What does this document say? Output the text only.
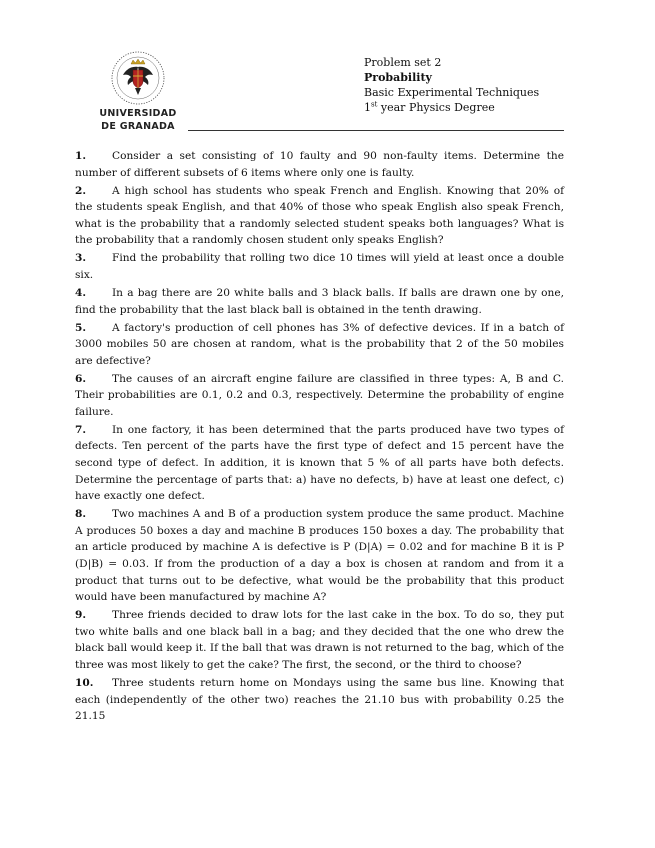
UNIVERSIDAD
DE GRANADA
Problem set 2
Probability
Basic Experimental Techniques
1st year Physics Degree

1. Consider a set consisting of 10 faulty and 90 non-faulty items. Determine the number of different subsets of 6 items where only one is faulty.

2. A high school has students who speak French and English. Knowing that 20% of the students speak English, and that 40% of those who speak English also speak French, what is the probability that a randomly selected student speaks both languages? What is the probability that a randomly chosen student only speaks English?

3. Find the probability that rolling two dice 10 times will yield at least once a double six.

4. In a bag there are 20 white balls and 3 black balls. If balls are drawn one by one, find the probability that the last black ball is obtained in the tenth drawing.

5. A factory's production of cell phones has 3% of defective devices. If in a batch of 3000 mobiles 50 are chosen at random, what is the probability that 2 of the 50 mobiles are defective?

6. The causes of an aircraft engine failure are classified in three types: A, B and C. Their probabilities are 0.1, 0.2 and 0.3, respectively. Determine the probability of engine failure.

7. In one factory, it has been determined that the parts produced have two types of defects. Ten percent of the parts have the first type of defect and 15 percent have the second type of defect. In addition, it is known that 5 % of all parts have both defects. Determine the percentage of parts that: a) have no defects, b) have at least one defect, c) have exactly one defect.

8. Two machines A and B of a production system produce the same product. Machine A produces 50 boxes a day and machine B produces 150 boxes a day. The probability that an article produced by machine A is defective is P (D|A) = 0.02 and for machine B it is P (D|B) = 0.03. If from the production of a day a box is chosen at random and from it a product that turns out to be defective, what would be the probability that this product would have been manufactured by machine A?

9. Three friends decided to draw lots for the last cake in the box. To do so, they put two white balls and one black ball in a bag; and they decided that the one who drew the black ball would keep it. If the ball that was drawn is not returned to the bag, which of the three was most likely to get the cake? The first, the second, or the third to choose?

10. Three students return home on Mondays using the same bus line. Knowing that each (independently of the other two) reaches the 21.10 bus with probability 0.25 the 21.15
